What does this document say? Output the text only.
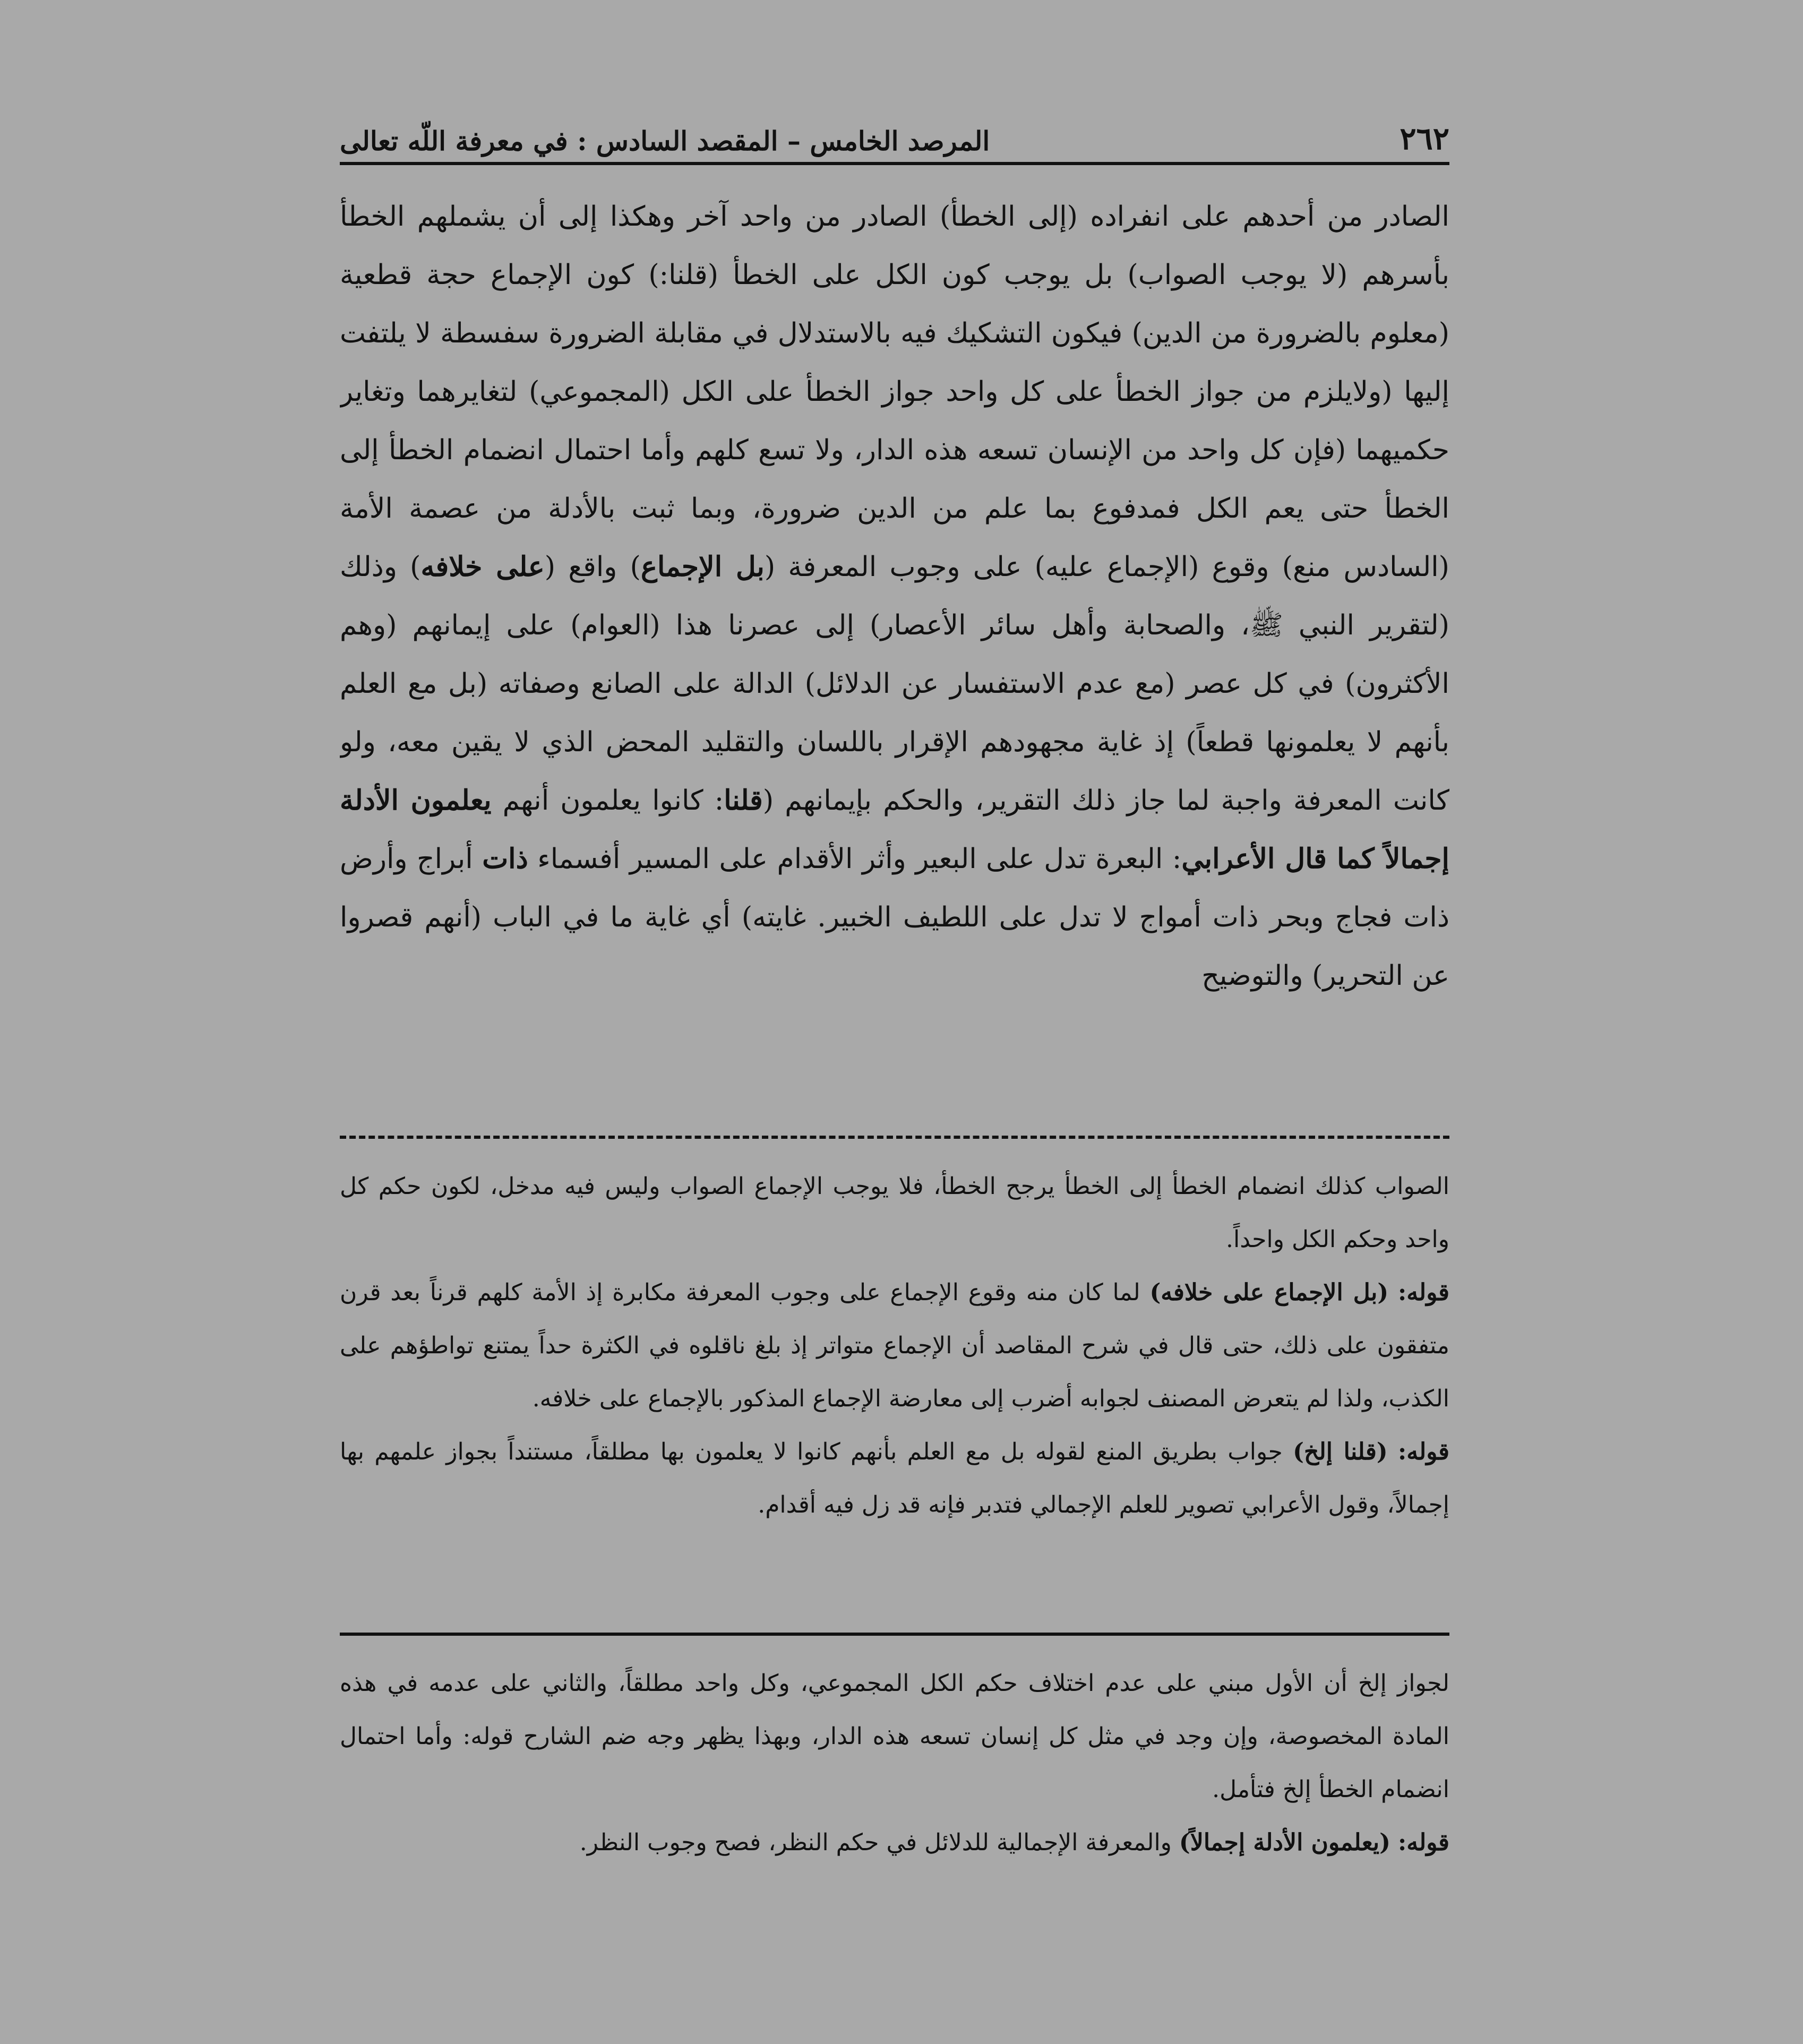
٢٦٢
المرصد الخامس – المقصد السادس : في معرفة اللّه تعالى

الصادر من أحدهم على انفراده (إلى الخطأ) الصادر من واحد آخر وهكذا إلى أن يشملهم الخطأ بأسرهم (لا يوجب الصواب) بل يوجب كون الكل على الخطأ (قلنا:) كون الإجماع حجة قطعية (معلوم بالضرورة من الدين) فيكون التشكيك فيه بالاستدلال في مقابلة الضرورة سفسطة لا يلتفت إليها (ولايلزم من جواز الخطأ على كل واحد جواز الخطأ على الكل (المجموعي) لتغايرهما وتغاير حكميهما (فإن كل واحد من الإنسان تسعه هذه الدار، ولا تسع كلهم وأما احتمال انضمام الخطأ إلى الخطأ حتى يعم الكل فمدفوع بما علم من الدين ضرورة، وبما ثبت بالأدلة من عصمة الأمة (السادس منع) وقوع (الإجماع عليه) على وجوب المعرفة (بل الإجماع) واقع (على خلافه) وذلك (لتقرير النبي ﷺ، والصحابة وأهل سائر الأعصار) إلى عصرنا هذا (العوام) على إيمانهم (وهم الأكثرون) في كل عصر (مع عدم الاستفسار عن الدلائل) الدالة على الصانع وصفاته (بل مع العلم بأنهم لا يعلمونها قطعاً) إذ غاية مجهودهم الإقرار باللسان والتقليد المحض الذي لا يقين معه، ولو كانت المعرفة واجبة لما جاز ذلك التقرير، والحكم بإيمانهم (قلنا: كانوا يعلمون أنهم يعلمون الأدلة إجمالاً كما قال الأعرابي: البعرة تدل على البعير وأثر الأقدام على المسير أفسماء ذات أبراج وأرض ذات فجاج وبحر ذات أمواج لا تدل على اللطيف الخبير. غايته) أي غاية ما في الباب (أنهم قصروا عن التحرير) والتوضيح

الصواب كذلك انضمام الخطأ إلى الخطأ يرجح الخطأ، فلا يوجب الإجماع الصواب وليس فيه مدخل، لكون حكم كل واحد وحكم الكل واحداً.

قوله: (بل الإجماع على خلافه) لما كان منه وقوع الإجماع على وجوب المعرفة مكابرة إذ الأمة كلهم قرناً بعد قرن متفقون على ذلك، حتى قال في شرح المقاصد أن الإجماع متواتر إذ بلغ ناقلوه في الكثرة حداً يمتنع تواطؤهم على الكذب، ولذا لم يتعرض المصنف لجوابه أضرب إلى معارضة الإجماع المذكور بالإجماع على خلافه.

قوله: (قلنا إلخ) جواب بطريق المنع لقوله بل مع العلم بأنهم كانوا لا يعلمون بها مطلقاً، مستنداً بجواز علمهم بها إجمالاً، وقول الأعرابي تصوير للعلم الإجمالي فتدبر فإنه قد زل فيه أقدام.

لجواز إلخ أن الأول مبني على عدم اختلاف حكم الكل المجموعي، وكل واحد مطلقاً، والثاني على عدمه في هذه المادة المخصوصة، وإن وجد في مثل كل إنسان تسعه هذه الدار، وبهذا يظهر وجه ضم الشارح قوله: وأما احتمال انضمام الخطأ إلخ فتأمل.

قوله: (يعلمون الأدلة إجمالاً) والمعرفة الإجمالية للدلائل في حكم النظر، فصح وجوب النظر.
